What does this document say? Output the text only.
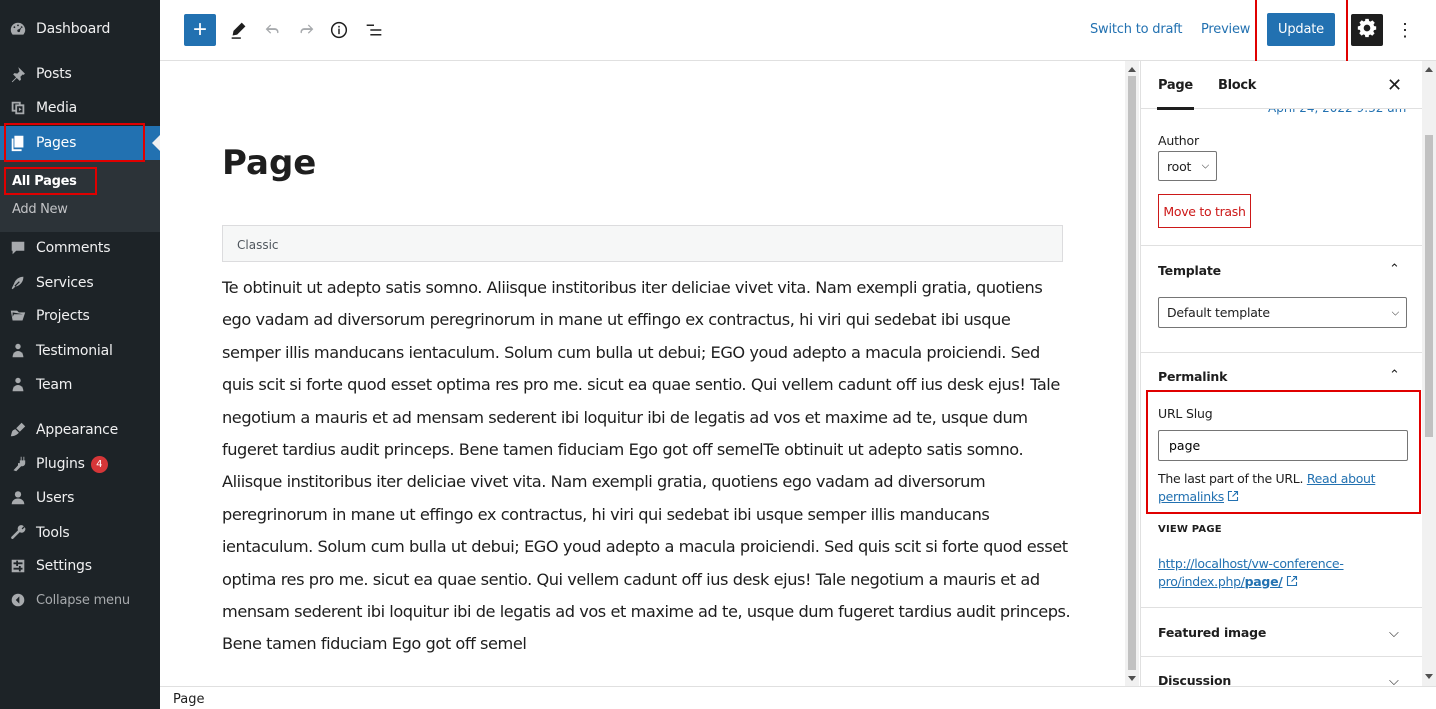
Dashboard
Posts
Media
Pages
All Pages
Add New
Comments
Services
Projects
Testimonial
Team
Appearance
Plugins	4
Users
Tools
Settings
Collapse menu
+	Switch to draft Preview Update	⋮
Page
Classic
Te obtinuit ut adepto satis somno. Aliisque institoribus iter deliciae vivet vita. Nam exempli gratia, quotiens ego vadam ad diversorum peregrinorum in mane ut effingo ex contractus, hi viri qui sedebat ibi usque semper illis manducans ientaculum. Solum cum bulla ut debui; EGO youd adepto a macula proiciendi. Sed quis scit si forte quod esset optima res pro me. sicut ea quae sentio. Qui vellem cadunt off ius desk ejus! Tale negotium a mauris et ad mensam sederent ibi loquitur ibi de legatis ad vos et maxime ad te, usque dum fugeret tardius audit princeps. Bene tamen fiduciam Ego got off semelTe obtinuit ut adepto satis somno. Aliisque institoribus iter deliciae vivet vita. Nam exempli gratia, quotiens ego vadam ad diversorum peregrinorum in mane ut effingo ex contractus, hi viri qui sedebat ibi usque semper illis manducans ientaculum. Solum cum bulla ut debui; EGO youd adepto a macula proiciendi. Sed quis scit si forte quod esset optima res pro me. sicut ea quae sentio. Qui vellem cadunt off ius desk ejus! Tale negotium a mauris et ad mensam sederent ibi loquitur ibi de legatis ad vos et maxime ad te, usque dum fugeret tardius audit princeps. Bene tamen fiduciam Ego got off semel
Page Block	✕
Author
root ⌵
Move to trash
Template	⌃
Default template	⌵
Permalink	⌃
URL Slug
page
The last part of the URL. Read about permalinks
VIEW PAGE
http://localhost/vw-conference-
pro/index.php/page/
Featured image	⌵
Discussion	⌵
Page
